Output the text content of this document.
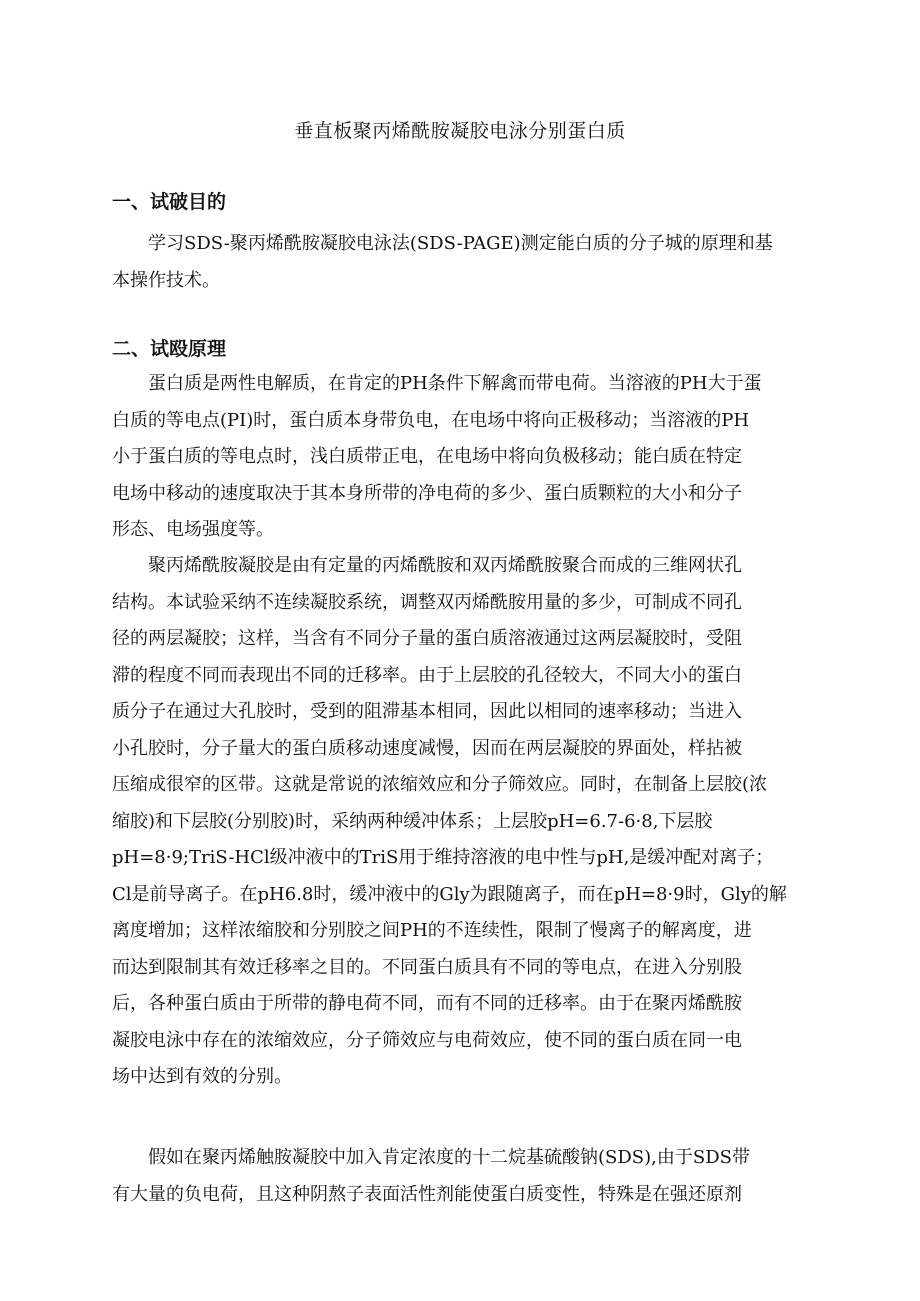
垂直板聚丙烯酰胺凝胶电泳分别蛋白质
一、试破目的
学习SDS-聚丙烯酰胺凝胶电泳法(SDS-PAGE)测定能白质的分子城的原理和基
本操作技术。
二、试殴原理
蛋白质是两性电解质，在肯定的PH条件下解禽而带电荷。当溶液的PH大于蛋
白质的等电点(PI)时，蛋白质本身带负电，在电场中将向正极移动；当溶液的PH
小于蛋白质的等电点时，浅白质带正电，在电场中将向负极移动；能白质在特定
电场中移动的速度取决于其本身所带的净电荷的多少、蛋白质颗粒的大小和分子
形态、电场强度等。
聚丙烯酰胺凝胶是由有定量的丙烯酰胺和双丙烯酰胺聚合而成的三维网状孔
结构。本试验采纳不连续凝胶系统，调整双丙烯酰胺用量的多少，可制成不同孔
径的两层凝胶；这样，当含有不同分子量的蛋白质溶液通过这两层凝胶时，受阻
滞的程度不同而表现出不同的迁移率。由于上层胶的孔径较大，不同大小的蛋白
质分子在通过大孔胶时，受到的阻滞基本相同，因此以相同的速率移动；当进入
小孔胶时，分子量大的蛋白质移动速度减慢，因而在两层凝胶的界面处，样拈被
压缩成很窄的区带。这就是常说的浓缩效应和分子筛效应。同时，在制备上层胶(浓
缩胶)和下层胶(分别胶)时，采纳两种缓冲体系；上层胶pH=6.7-6·8,下层胶
pH=8·9;TriS-HCl级冲液中的TriS用于维持溶液的电中性与pH,是缓冲配对离子；
Cl是前导离子。在pH6.8时，缓冲液中的Gly为跟随离子，而在pH=8·9时，Gly的解
离度增加；这样浓缩胶和分别胶之间PH的不连续性，限制了慢离子的解离度，进
而达到限制其有效迁移率之目的。不同蛋白质具有不同的等电点，在进入分别股
后，各种蛋白质由于所带的静电荷不同，而有不同的迁移率。由于在聚丙烯酰胺
凝胶电泳中存在的浓缩效应，分子筛效应与电荷效应，使不同的蛋白质在同一电
场中达到有效的分别。
假如在聚丙烯触胺凝胶中加入肯定浓度的十二烷基硫酸钠(SDS),由于SDS带
有大量的负电荷，且这种阴熬子表面活性剂能使蛋白质变性，特殊是在强还原剂
